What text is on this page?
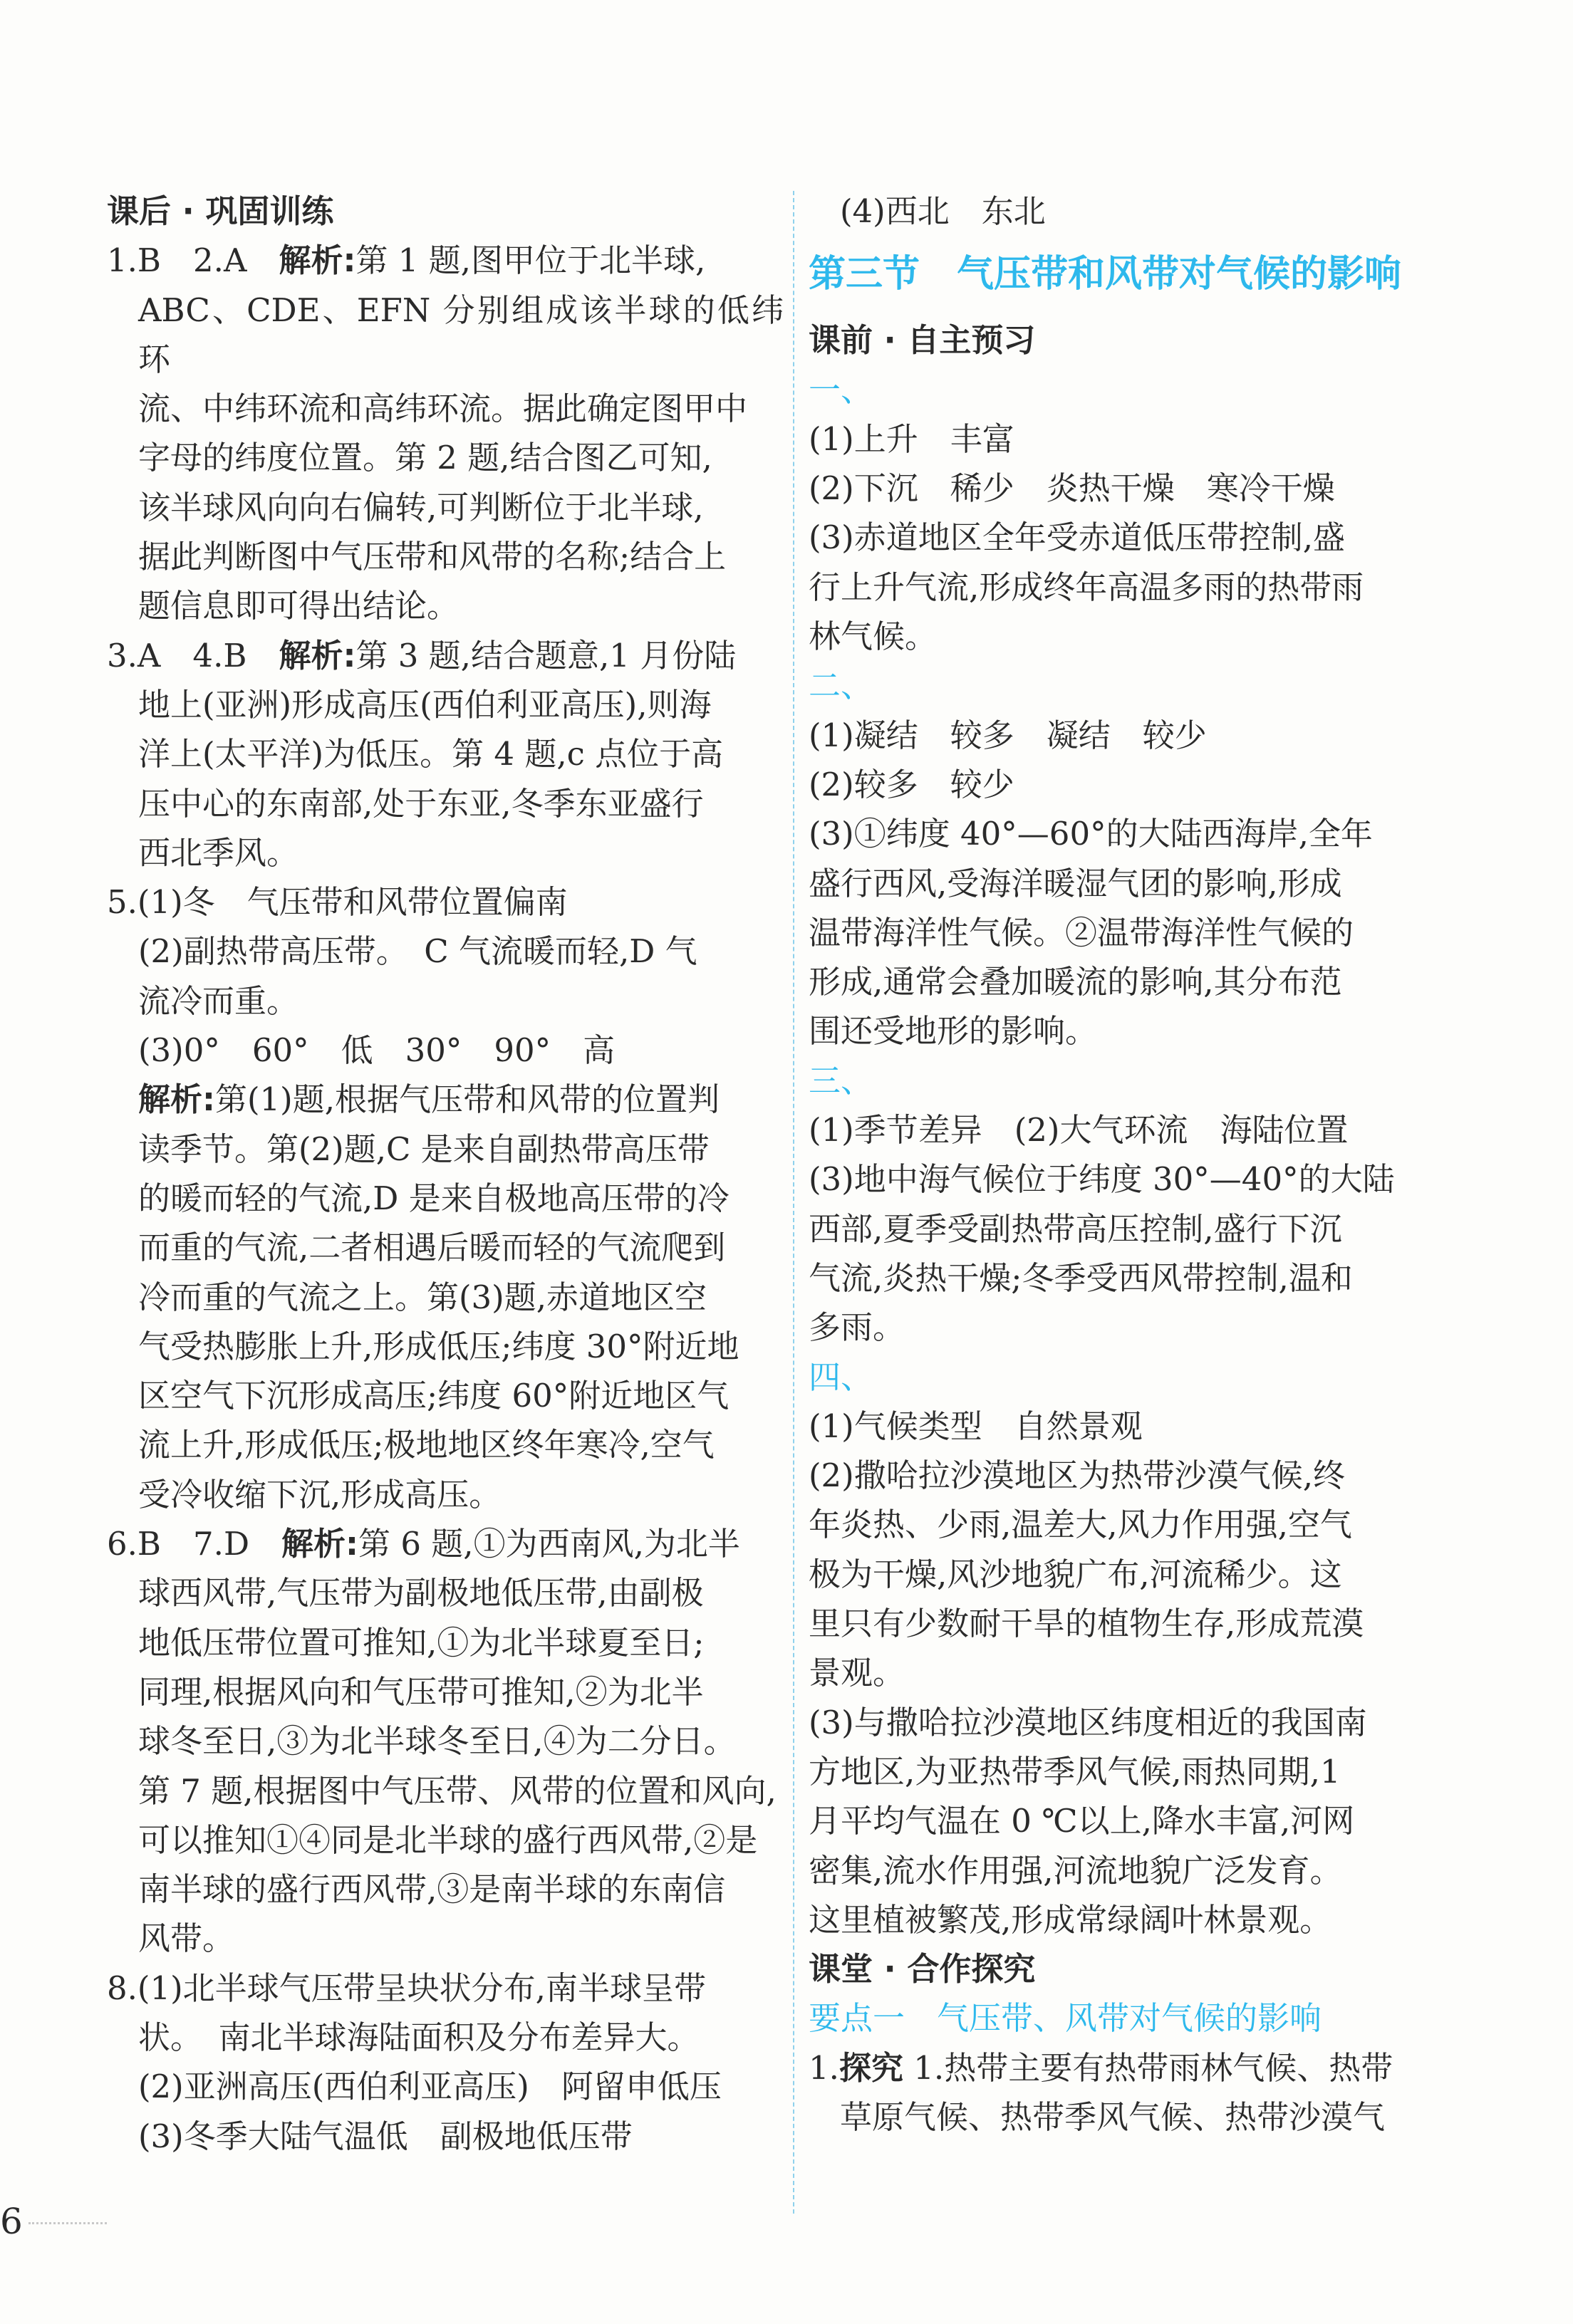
课后 · 巩固训练

1.B　2.A　解析:第 1 题,图甲位于北半球,

ABC、CDE、EFN 分别组成该半球的低纬环

流、中纬环流和高纬环流。据此确定图甲中

字母的纬度位置。第 2 题,结合图乙可知,

该半球风向向右偏转,可判断位于北半球,

据此判断图中气压带和风带的名称;结合上

题信息即可得出结论。

3.A　4.B　解析:第 3 题,结合题意,1 月份陆

地上(亚洲)形成高压(西伯利亚高压),则海

洋上(太平洋)为低压。第 4 题,c 点位于高

压中心的东南部,处于东亚,冬季东亚盛行

西北季风。

5.(1)冬　气压带和风带位置偏南

(2)副热带高压带。　C 气流暖而轻,D 气

流冷而重。

(3)0°　60°　低　30°　90°　高

解析:第(1)题,根据气压带和风带的位置判

读季节。第(2)题,C 是来自副热带高压带

的暖而轻的气流,D 是来自极地高压带的冷

而重的气流,二者相遇后暖而轻的气流爬到

冷而重的气流之上。第(3)题,赤道地区空

气受热膨胀上升,形成低压;纬度 30°附近地

区空气下沉形成高压;纬度 60°附近地区气

流上升,形成低压;极地地区终年寒冷,空气

受冷收缩下沉,形成高压。

6.B　7.D　解析:第 6 题,①为西南风,为北半

球西风带,气压带为副极地低压带,由副极

地低压带位置可推知,①为北半球夏至日;

同理,根据风向和气压带可推知,②为北半

球冬至日,③为北半球冬至日,④为二分日。

第 7 题,根据图中气压带、风带的位置和风向,

可以推知①④同是北半球的盛行西风带,②是

南半球的盛行西风带,③是南半球的东南信

风带。

8.(1)北半球气压带呈块状分布,南半球呈带

状。　南北半球海陆面积及分布差异大。

(2)亚洲高压(西伯利亚高压)　阿留申低压

(3)冬季大陆气温低　副极地低压带

(4)西北　东北

第三节　气压带和风带对气候的影响

课前 · 自主预习

一、

(1)上升　丰富

(2)下沉　稀少　炎热干燥　寒冷干燥

(3)赤道地区全年受赤道低压带控制,盛

行上升气流,形成终年高温多雨的热带雨

林气候。

二、

(1)凝结　较多　凝结　较少

(2)较多　较少

(3)①纬度 40°—60°的大陆西海岸,全年

盛行西风,受海洋暖湿气团的影响,形成

温带海洋性气候。②温带海洋性气候的

形成,通常会叠加暖流的影响,其分布范

围还受地形的影响。

三、

(1)季节差异　(2)大气环流　海陆位置

(3)地中海气候位于纬度 30°—40°的大陆

西部,夏季受副热带高压控制,盛行下沉

气流,炎热干燥;冬季受西风带控制,温和

多雨。

四、

(1)气候类型　自然景观

(2)撒哈拉沙漠地区为热带沙漠气候,终

年炎热、少雨,温差大,风力作用强,空气

极为干燥,风沙地貌广布,河流稀少。这

里只有少数耐干旱的植物生存,形成荒漠

景观。

(3)与撒哈拉沙漠地区纬度相近的我国南

方地区,为亚热带季风气候,雨热同期,1

月平均气温在 0 ℃以上,降水丰富,河网

密集,流水作用强,河流地貌广泛发育。

这里植被繁茂,形成常绿阔叶林景观。

课堂 · 合作探究

要点一　气压带、风带对气候的影响

1.探究 1.热带主要有热带雨林气候、热带

草原气候、热带季风气候、热带沙漠气

6
